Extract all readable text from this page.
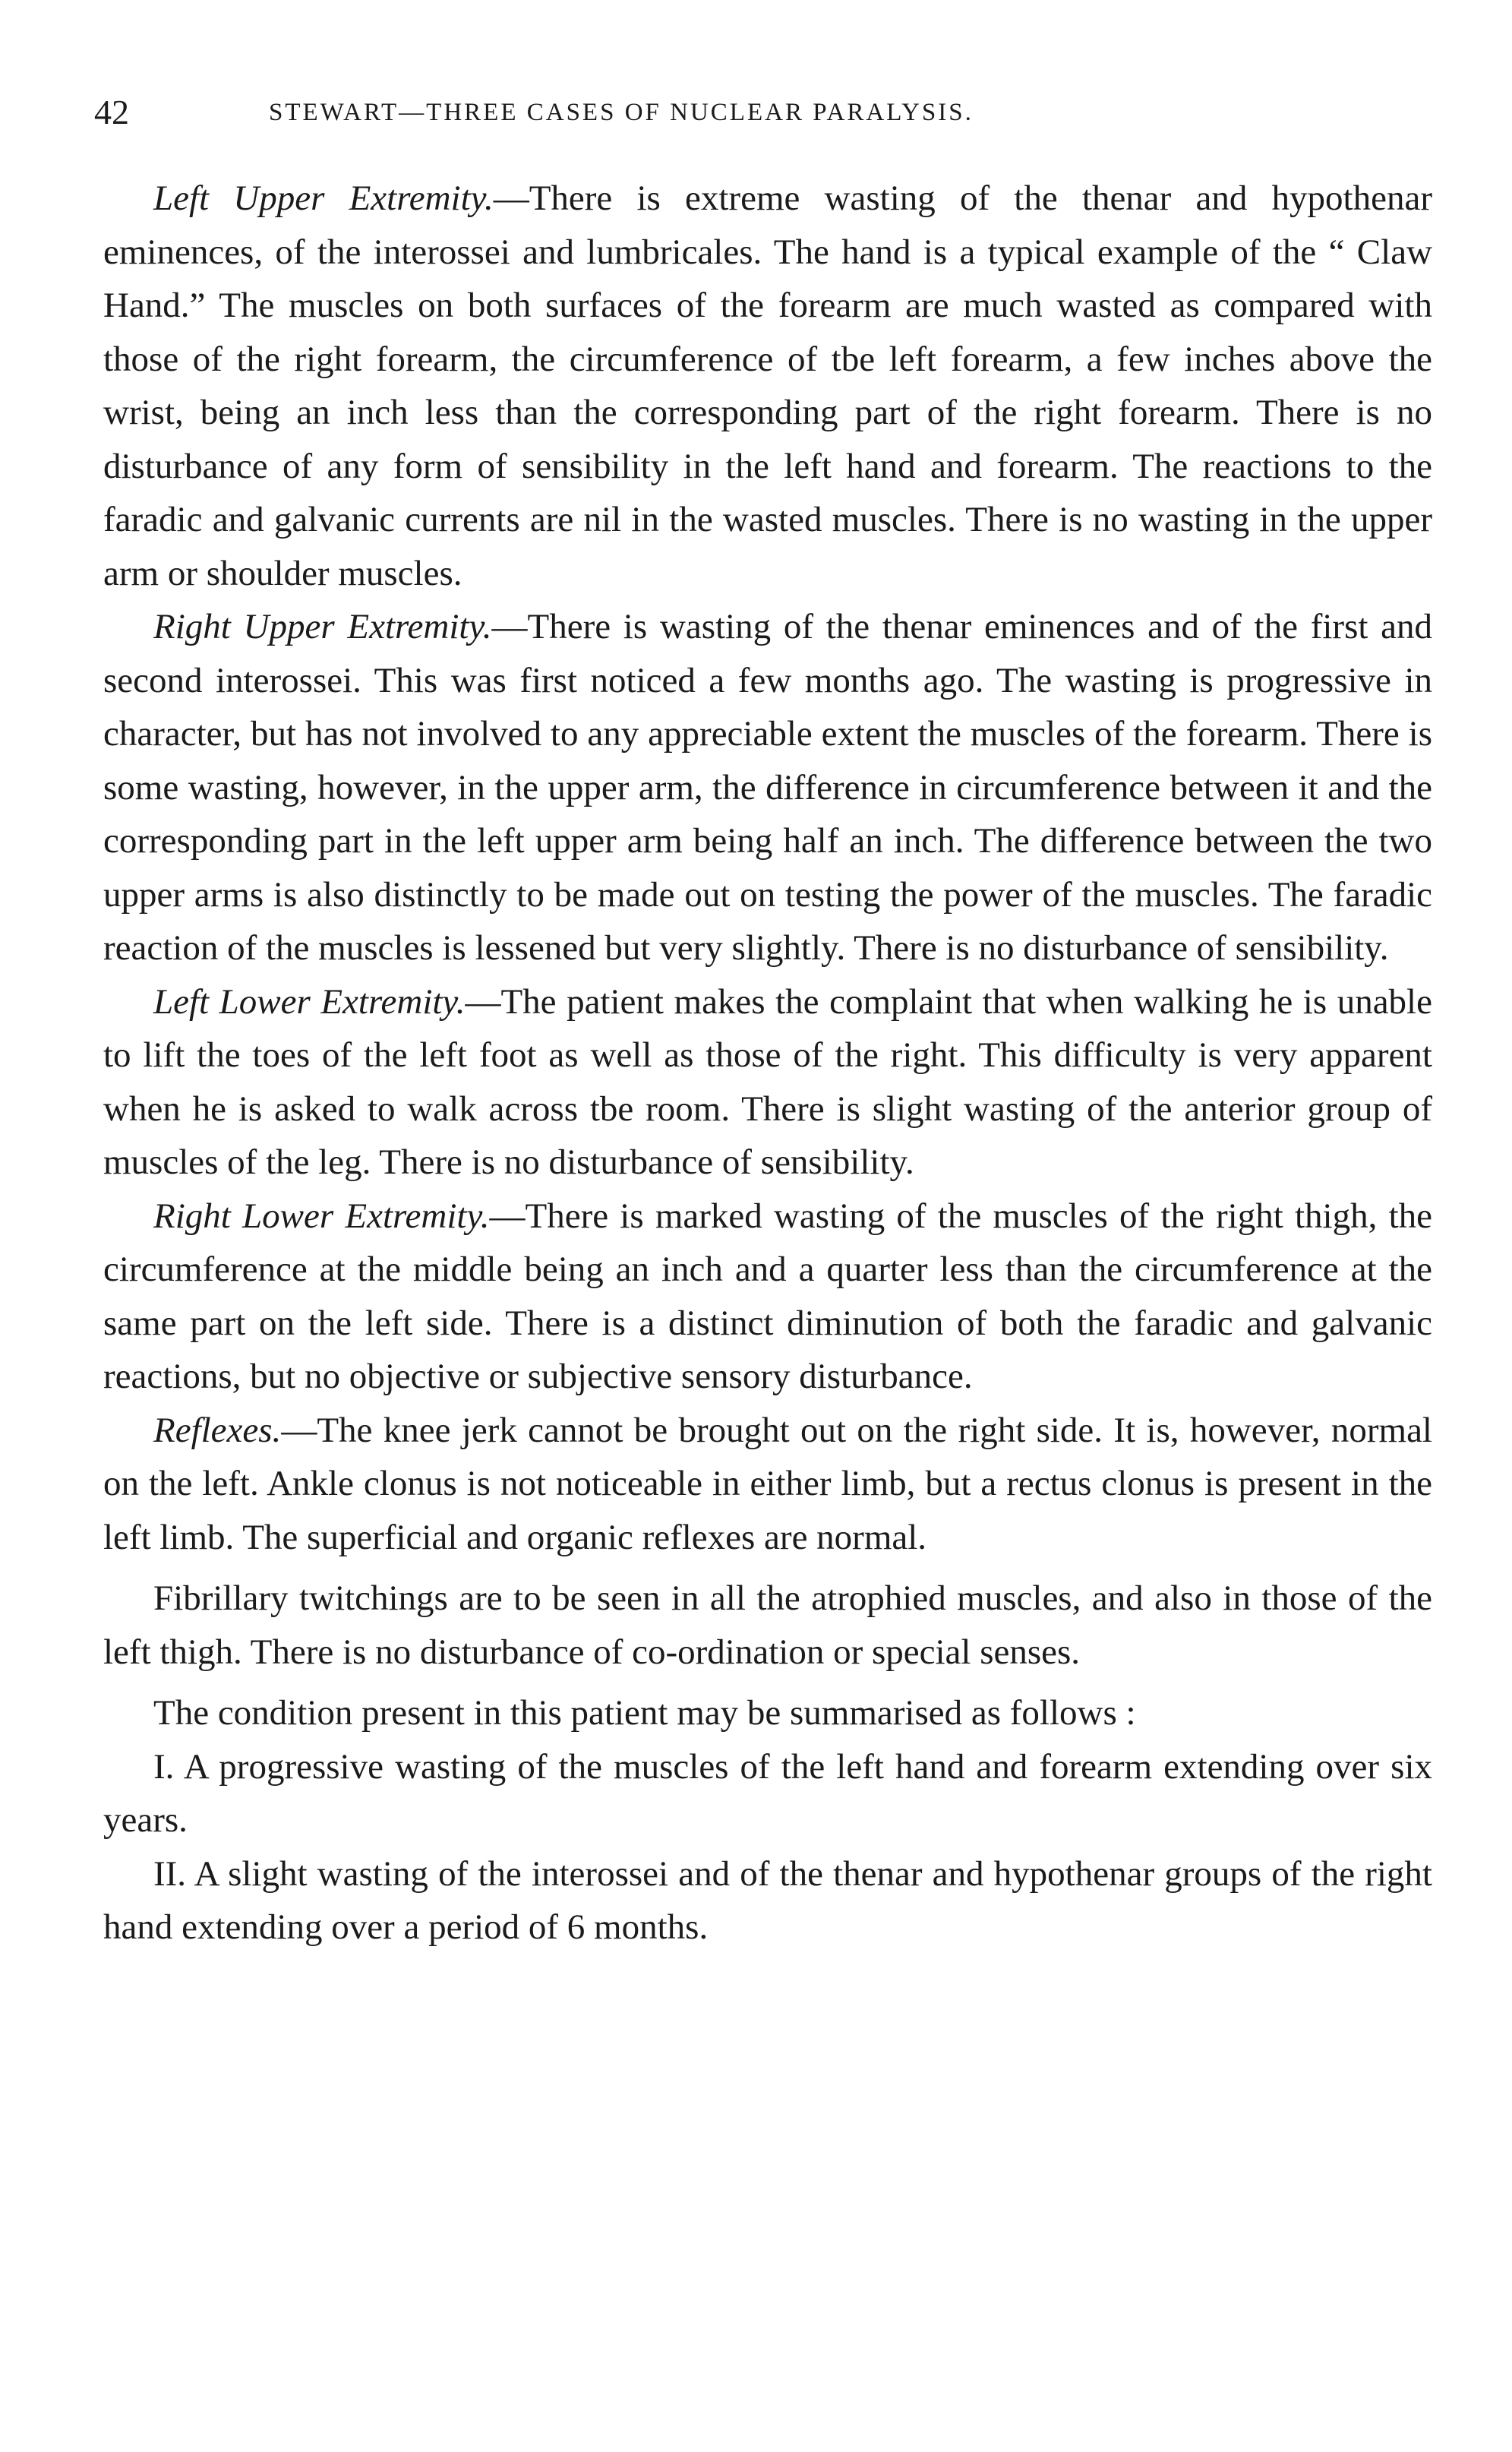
42	STEWART—THREE CASES OF NUCLEAR PARALYSIS.

Left Upper Extremity.—There is extreme wasting of the thenar and hypothenar eminences, of the interossei and lumbricales. The hand is a typical example of the “ Claw Hand.” The muscles on both surfaces of the forearm are much wasted as compared with those of the right forearm, the circumference of tbe left forearm, a few inches above the wrist, being an inch less than the corresponding part of the right forearm. There is no disturbance of any form of sensibility in the left hand and forearm. The reactions to the faradic and galvanic currents are nil in the wasted muscles. There is no wasting in the upper arm or shoulder muscles.

Right Upper Extremity.—There is wasting of the thenar eminences and of the first and second interossei. This was first noticed a few months ago. The wasting is progressive in character, but has not involved to any appreciable extent the muscles of the forearm. There is some wasting, however, in the upper arm, the difference in circumference between it and the corresponding part in the left upper arm being half an inch. The difference between the two upper arms is also distinctly to be made out on testing the power of the muscles. The faradic reaction of the muscles is lessened but very slightly. There is no disturbance of sensibility.

Left Lower Extremity.—The patient makes the complaint that when walking he is unable to lift the toes of the left foot as well as those of the right. This difficulty is very apparent when he is asked to walk across tbe room. There is slight wasting of the anterior group of muscles of the leg. There is no disturbance of sensibility.

Right Lower Extremity.—There is marked wasting of the muscles of the right thigh, the circumference at the middle being an inch and a quarter less than the circumference at the same part on the left side. There is a distinct diminution of both the faradic and galvanic reactions, but no objective or subjective sensory disturbance.

Reflexes.—The knee jerk cannot be brought out on the right side. It is, however, normal on the left. Ankle clonus is not noticeable in either limb, but a rectus clonus is present in the left limb. The superficial and organic reflexes are normal.

Fibrillary twitchings are to be seen in all the atrophied muscles, and also in those of the left thigh. There is no disturbance of co-ordination or special senses.

The condition present in this patient may be summarised as follows :

I. A progressive wasting of the muscles of the left hand and forearm extending over six years.

II. A slight wasting of the interossei and of the thenar and hypothenar groups of the right hand extending over a period of 6 months.
